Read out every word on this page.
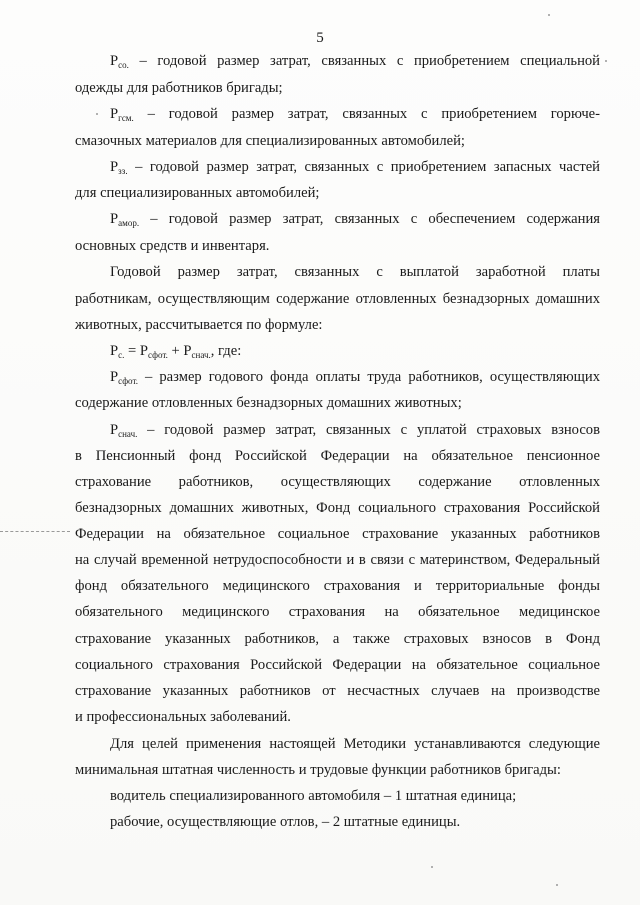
5
$P_{со.}$ – годовой размер затрат, связанных с приобретением специальной
одежды для работников бригады;
$P_{гсм.}$ – годовой размер затрат, связанных с приобретением горюче-
смазочных материалов для специализированных автомобилей;
$P_{зз.}$ – годовой размер затрат, связанных с приобретением запасных частей
для специализированных автомобилей;
$P_{амор.}$ – годовой размер затрат, связанных с обеспечением содержания
основных средств и инвентаря.
Годовой размер затрат, связанных с выплатой заработной платы
работникам, осуществляющим содержание отловленных безнадзорных домашних
животных, рассчитывается по формуле:
$P_{с.} = P_{сфот.} + P_{снач.}$, где:
$P_{сфот.}$ – размер годового фонда оплаты труда работников, осуществляющих
содержание отловленных безнадзорных домашних животных;
$P_{снач.}$ – годовой размер затрат, связанных с уплатой страховых взносов
в Пенсионный фонд Российской Федерации на обязательное пенсионное
страхование работников, осуществляющих содержание отловленных
безнадзорных домашних животных, Фонд социального страхования Российской
Федерации на обязательное социальное страхование указанных работников
на случай временной нетрудоспособности и в связи с материнством, Федеральный
фонд обязательного медицинского страхования и территориальные фонды
обязательного медицинского страхования на обязательное медицинское
страхование указанных работников, а также страховых взносов в Фонд
социального страхования Российской Федерации на обязательное социальное
страхование указанных работников от несчастных случаев на производстве
и профессиональных заболеваний.
Для целей применения настоящей Методики устанавливаются следующие
минимальная штатная численность и трудовые функции работников бригады:
водитель специализированного автомобиля – 1 штатная единица;
рабочие, осуществляющие отлов, – 2 штатные единицы.
